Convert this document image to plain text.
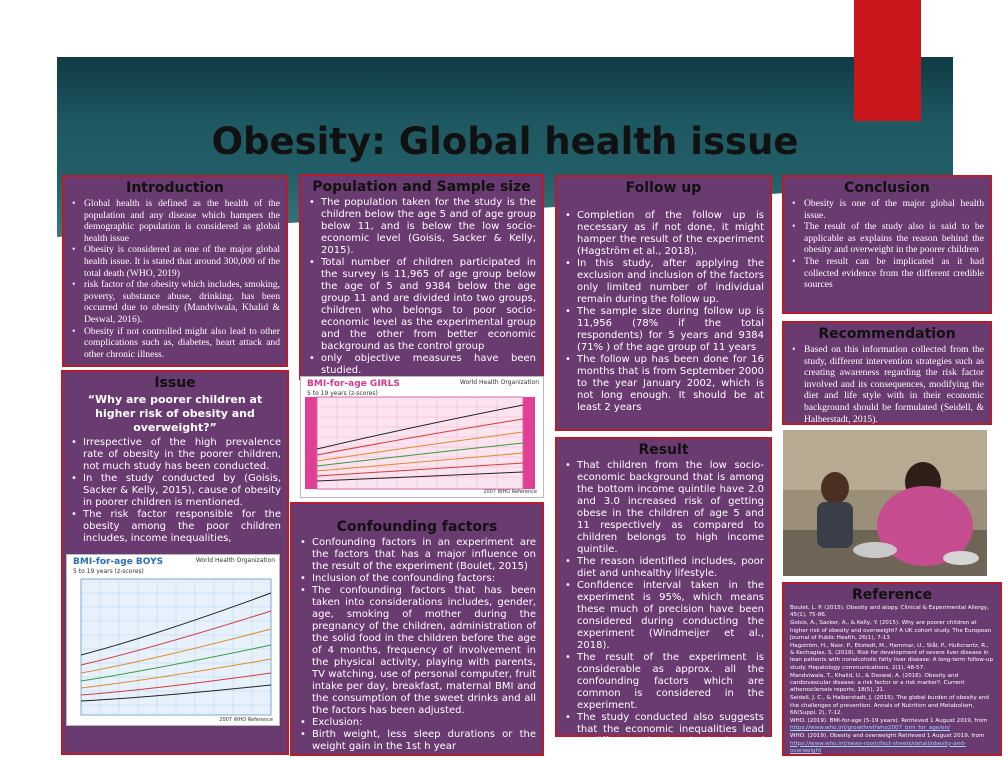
Obesity: Global health issue
Introduction
• Global health is defined as the health of the population and any disease which hampers the demographic population is considered as global health issue
• Obesity is considered as one of the major global health issue. It is stated that around 300,000 of the total death (WHO, 2019)
• risk factor of the obesity which includes, smoking, poverty, substance abuse, drinking. has been occurred due to obesity (Mandviwala, Khalid & Deswal, 2016).
• Obesity if not controlled might also lead to other complications such as, diabetes, heart attack and other chronic illness.
Issue
“Why are poorer children at higher risk of obesity and overweight?”
• Irrespective of the high prevalence rate of obesity in the poorer children, not much study has been conducted.
• In the study conducted by (Goisis, Sacker & Kelly, 2015), cause of obesity in poorer children is mentioned.
• The risk factor responsible for the obesity among the poor children includes, income inequalities,
BMI-for-age BOYS
5 to 19 years (z-scores)
World Health Organization
2007 WHO Reference
Population and Sample size
• The population taken for the study is the children below the age 5 and of age group below 11, and is below the low socio-economic level (Goisis, Sacker & Kelly, 2015).
• Total number of children participated in the survey is 11,965 of age group below the age of 5 and 9384 below the age group 11 and are divided into two groups, children who belongs to poor socio-economic level as the experimental group and the other from better economic background as the control group
• only objective measures have been studied.
BMI-for-age GIRLS
5 to 19 years (z-scores)
World Health Organization
2007 WHO Reference
Confounding factors
• Confounding factors in an experiment are the factors that has a major influence on the result of the experiment (Boulet, 2015)
• Inclusion of the confounding factors:
• The confounding factors that has been taken into considerations includes, gender, age, smoking of mother during the pregnancy of the children, administration of the solid food in the children before the age of 4 months, frequency of involvement in the physical activity, playing with parents, TV watching, use of personal computer, fruit intake per day, breakfast, maternal BMI and the consumption of the sweet drinks and all the factors has been adjusted.
• Exclusion:
• Birth weight, less sleep durations or the weight gain in the 1st h year
Follow up
• Completion of the follow up is necessary as if not done, it might hamper the result of the experiment (Hagström et al., 2018).
• In this study, after applying the exclusion and inclusion of the factors only limited number of individual remain during the follow up.
• The sample size during follow up is 11,956 (78% if the total respondents) for 5 years and 9384 (71% ) of the age group of 11 years
• The follow up has been done for 16 months that is from September 2000 to the year January 2002, which is not long enough. It should be at least 2 years
Result
• That children from the low socio-economic background that is among the bottom income quintile have 2.0 and 3.0 increased risk of getting obese in the children of age 5 and 11 respectively as compared to children belongs to high income quintile.
• The reason identified includes, poor diet and unhealthy lifestyle.
• Confidence interval taken in the experiment is 95%, which means these much of precision have been considered during conducting the experiment (Windmeijer et al., 2018).
• The result of the experiment is considerable as approx. all the confounding factors which are common is considered in the experiment.
• The study conducted also suggests that the economic inequalities lead to difference in the obesity level of the children
Conclusion
• Obesity is one of the major global health issue.
• The result of the study also is said to be applicable as explains the reason behind the obesity and overweight in the poorer children
• The result can be implicated as it had collected evidence from the different credible sources
Recommendation
• Based on this information collected from the study, different intervention strategies such as creating awareness regarding the risk factor involved and its consequences, modifying the diet and life style with in their economic background should be formulated (Seidell, & Halberstadt, 2015).
Reference

Boulet, L. P. (2015). Obesity and atopy. Clinical & Experimental Allergy, 45(1), 75-86.

Goisis, A., Sacker, A., & Kelly, Y. (2015). Why are poorer children at higher risk of obesity and overweight? A UK cohort study. The European Journal of Public Health, 26(1), 7-13

Hagström, H., Nasr, P., Ekstedt, M., Hammar, U., Stål, P., Hultcrantz, R., & Kechagias, S. (2018). Risk for development of severe liver disease in lean patients with nonalcoholic fatty liver disease: A long-term follow-up study. Hepatology communications, 2(1), 48-57.

Mandviwala, T., Khalid, U., & Deswal, A. (2016). Obesity and cardiovascular disease: a risk factor or a risk marker?. Current atherosclerosis reports, 18(5), 21.

Seidell, J. C., & Halberstadt, J. (2015). The global burden of obesity and the challenges of prevention. Annals of Nutrition and Metabolism, 66(Suppl. 2), 7-12.

WHO. (2019). BMI-for-age (5-19 years). Retrieved 1 August 2019, from https://www.who.int/growthref/who2007_bmi_for_age/en/

WHO. (2019). Obesity and overweight Retrieved 1 August 2019, from https://www.who.int/news-room/fact-sheets/detail/obesity-and-overweight
